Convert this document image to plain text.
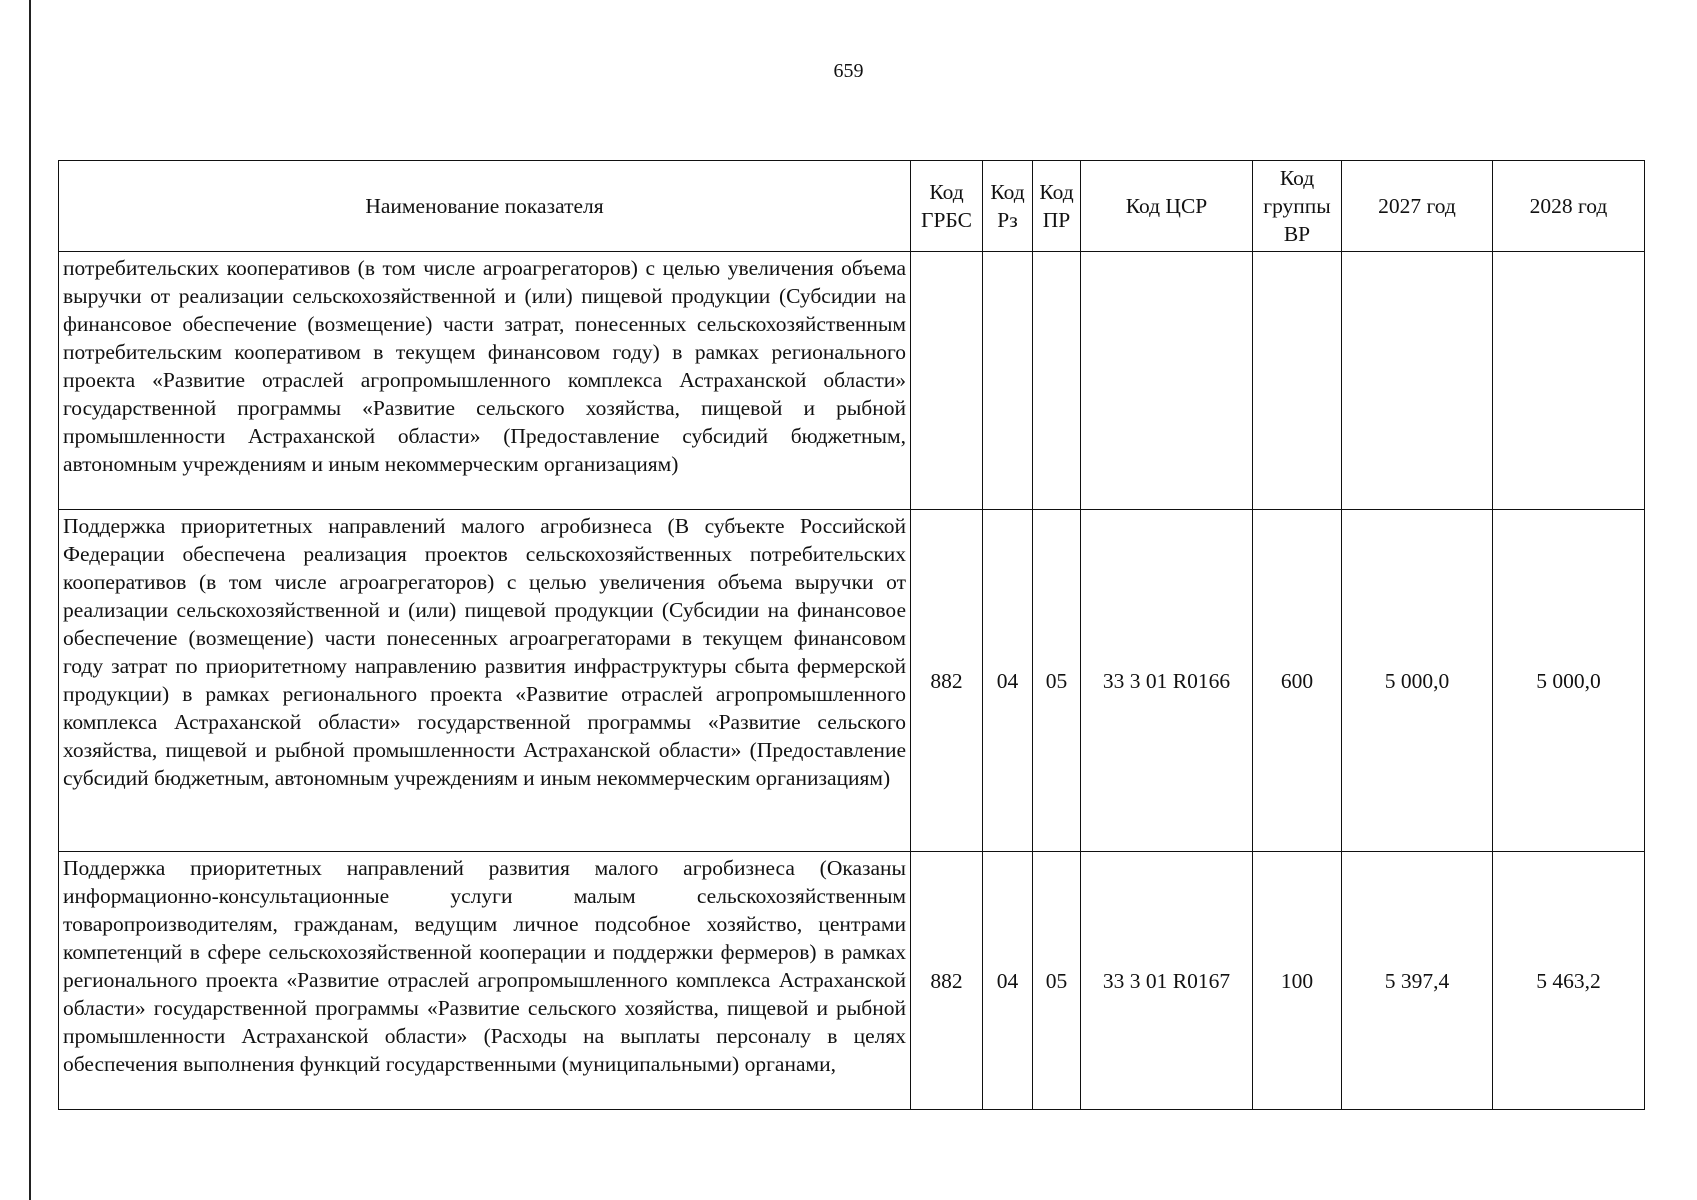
659
Наименование показателя	Код ГРБС	Код Рз	Код ПР	Код ЦСР	Код группы ВР	2027 год	2028 год
потребительских кооперативов (в том числе агроагрегаторов) с целью увеличения объема выручки от реализации сельскохозяйственной и (или) пищевой продукции (Субсидии на финансовое обеспечение (возмещение) части затрат, понесенных сельскохозяйственным потребительским кооперативом в текущем финансовом году) в рамках регионального проекта «Развитие отраслей агропромышленного комплекса Астраханской области» государственной программы «Развитие сельского хозяйства, пищевой и рыбной промышленности Астраханской области» (Предоставление субсидий бюджетным, автономным учреждениям и иным некоммерческим организациям)							
Поддержка приоритетных направлений малого агробизнеса (В субъекте Российской Федерации обеспечена реализация проектов сельскохозяйственных потребительских кооперативов (в том числе агроагрегаторов) с целью увеличения объема выручки от реализации сельскохозяйственной и (или) пищевой продукции (Субсидии на финансовое обеспечение (возмещение) части понесенных агроагрегаторами в текущем финансовом году затрат по приоритетному направлению развития инфраструктуры сбыта фермерской продукции) в рамках регионального проекта «Развитие отраслей агропромышленного комплекса Астраханской области» государственной программы «Развитие сельского хозяйства, пищевой и рыбной промышленности Астраханской области» (Предоставление субсидий бюджетным, автономным учреждениям и иным некоммерческим организациям)	882	04	05	33 3 01 R0166	600	5 000,0	5 000,0
Поддержка приоритетных направлений развития малого агробизнеса (Оказаны информационно-консультационные услуги малым сельскохозяйственным товаропроизводителям, гражданам, ведущим личное подсобное хозяйство, центрами компетенций в сфере сельскохозяйственной кооперации и поддержки фермеров) в рамках регионального проекта «Развитие отраслей агропромышленного комплекса Астраханской области» государственной программы «Развитие сельского хозяйства, пищевой и рыбной промышленности Астраханской области» (Расходы на выплаты персоналу в целях обеспечения выполнения функций государственными (муниципальными) органами,	882	04	05	33 3 01 R0167	100	5 397,4	5 463,2
